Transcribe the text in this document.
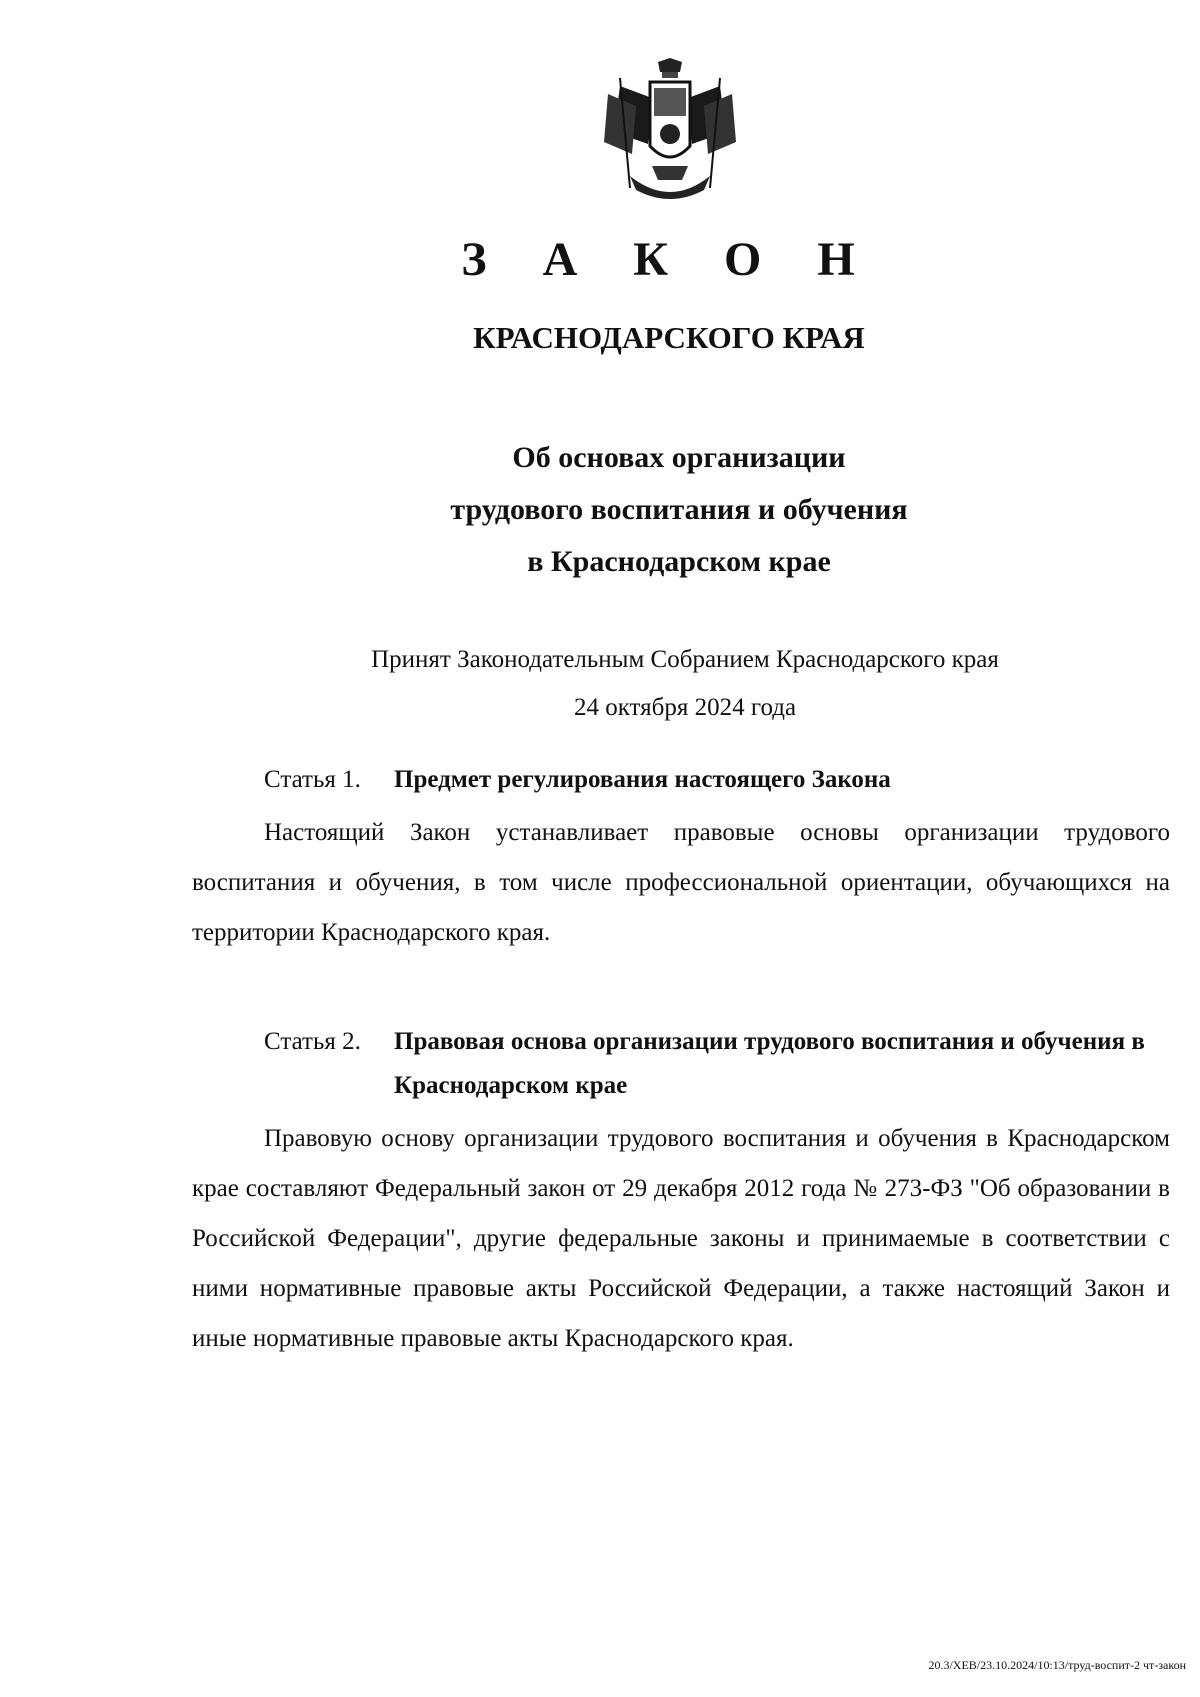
З А К О Н
КРАСНОДАРСКОГО КРАЯ
Об основах организации
трудового воспитания и обучения
в Краснодарском крае
Принят Законодательным Собранием Краснодарского края
24 октября 2024 года
Статья 1.	Предмет регулирования настоящего Закона
Настоящий Закон устанавливает правовые основы организации трудового воспитания и обучения, в том числе профессиональной ориентации, обучающихся на территории Краснодарского края.
Статья 2.	Правовая основа организации трудового воспитания и обучения в Краснодарском крае
Правовую основу организации трудового воспитания и обучения в Краснодарском крае составляют Федеральный закон от 29 декабря 2012 года № 273-ФЗ "Об образовании в Российской Федерации", другие федеральные законы и принимаемые в соответствии с ними нормативные правовые акты Российской Федерации, а также настоящий Закон и иные нормативные правовые акты Краснодарского края.
20.3/ХЕВ/23.10.2024/10:13/труд-воспит-2 чт-закон
